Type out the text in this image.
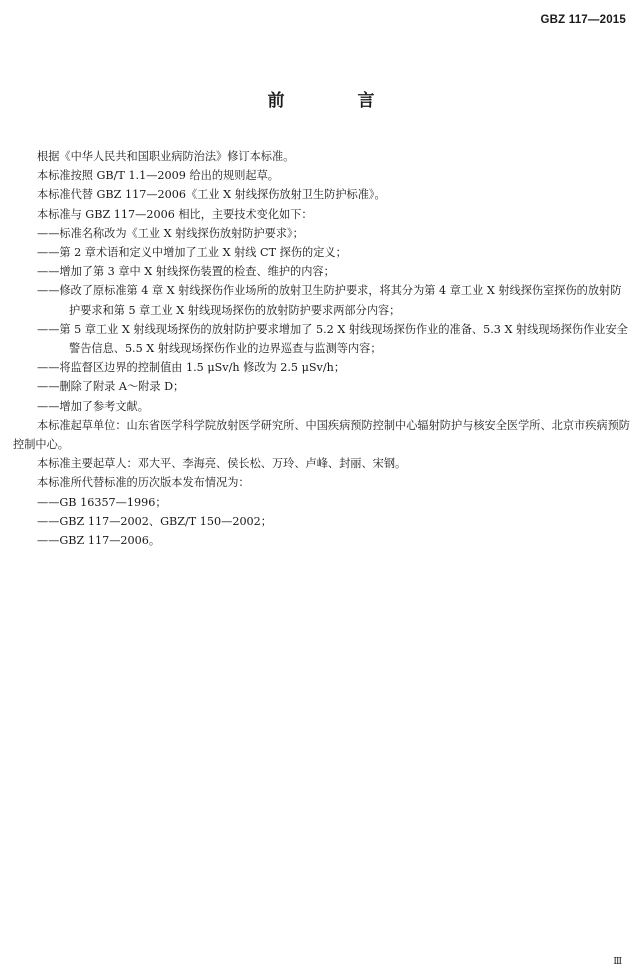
GBZ 117—2015
前　言

根据《中华人民共和国职业病防治法》修订本标准。

本标准按照 GB/T 1.1—2009 给出的规则起草。

本标准代替 GBZ 117—2006《工业 X 射线探伤放射卫生防护标准》。

本标准与 GBZ 117—2006 相比，主要技术变化如下：

——标准名称改为《工业 X 射线探伤放射防护要求》；

——第 2 章术语和定义中增加了工业 X 射线 CT 探伤的定义；

——增加了第 3 章中 X 射线探伤装置的检查、维护的内容；

——修改了原标准第 4 章 X 射线探伤作业场所的放射卫生防护要求，将其分为第 4 章工业 X 射线探伤室探伤的放射防护要求和第 5 章工业 X 射线现场探伤的放射防护要求两部分内容；

——第 5 章工业 X 射线现场探伤的放射防护要求增加了 5.2 X 射线现场探伤作业的准备、5.3 X 射线现场探伤作业安全警告信息、5.5 X 射线现场探伤作业的边界巡查与监测等内容；

——将监督区边界的控制值由 1.5 μSv/h 修改为 2.5 μSv/h；

——删除了附录 A～附录 D；

——增加了参考文献。

本标准起草单位：山东省医学科学院放射医学研究所、中国疾病预防控制中心辐射防护与核安全医学所、北京市疾病预防控制中心。

本标准主要起草人：邓大平、李海亮、侯长松、万玲、卢峰、封丽、宋钢。

本标准所代替标准的历次版本发布情况为：

——GB 16357—1996；

——GBZ 117—2002、GBZ/T 150—2002；

——GBZ 117—2006。

Ⅲ
